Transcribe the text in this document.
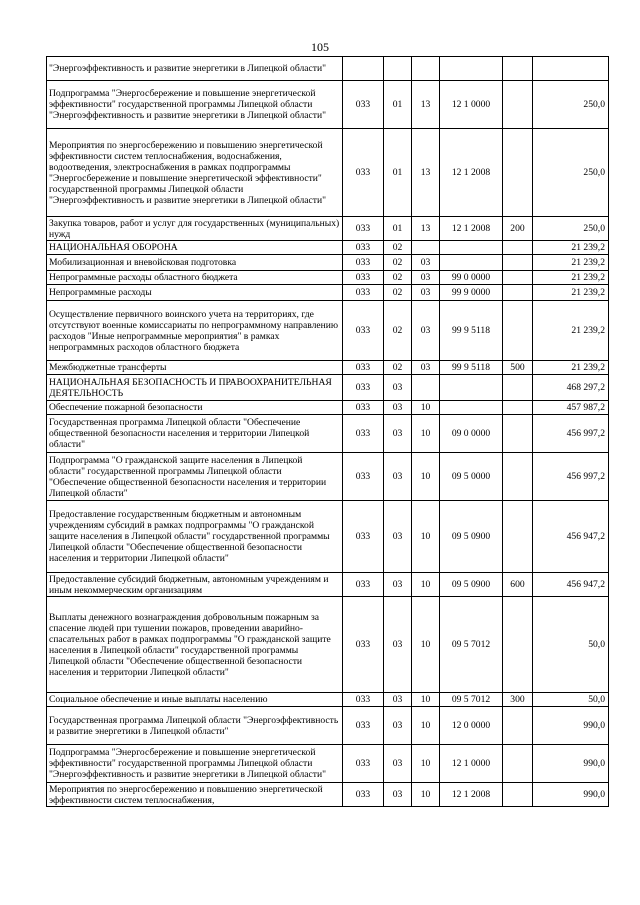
105
"Энергоэффективность и развитие энергетики в Липецкой области"						
Подпрограмма "Энергосбережение и повышение энергетической эффективности" государственной программы Липецкой области "Энергоэффективность и развитие энергетики в Липецкой области"	033	01	13	12 1 0000		250,0
Мероприятия по энергосбережению и повышению энергетической эффективности систем теплоснабжения, водоснабжения, водоотведения, электроснабжения в рамках подпрограммы "Энергосбережение и повышение энергетической эффективности" государственной программы Липецкой области "Энергоэффективность и развитие энергетики в Липецкой области"	033	01	13	12 1 2008		250,0
Закупка товаров, работ и услуг для государственных (муниципальных) нужд	033	01	13	12 1 2008	200	250,0
НАЦИОНАЛЬНАЯ ОБОРОНА	033	02				21 239,2
Мобилизационная и вневойсковая подготовка	033	02	03			21 239,2
Непрограммные расходы областного бюджета	033	02	03	99 0 0000		21 239,2
Непрограммные расходы	033	02	03	99 9 0000		21 239,2
Осуществление первичного воинского учета на территориях, где отсутствуют военные комиссариаты по непрограммному направлению расходов "Иные непрограммные мероприятия" в рамках непрограммных расходов областного бюджета	033	02	03	99 9 5118		21 239,2
Межбюджетные трансферты	033	02	03	99 9 5118	500	21 239,2
НАЦИОНАЛЬНАЯ БЕЗОПАСНОСТЬ И ПРАВООХРАНИТЕЛЬНАЯ ДЕЯТЕЛЬНОСТЬ	033	03				468 297,2
Обеспечение пожарной безопасности	033	03	10			457 987,2
Государственная программа Липецкой области "Обеспечение общественной безопасности населения и территории Липецкой области"	033	03	10	09 0 0000		456 997,2
Подпрограмма "О гражданской защите населения в Липецкой области" государственной программы Липецкой области "Обеспечение общественной безопасности населения и территории Липецкой области"	033	03	10	09 5 0000		456 997,2
Предоставление государственным бюджетным и автономным учреждениям субсидий в рамках подпрограммы "О гражданской защите населения в Липецкой области" государственной программы Липецкой области "Обеспечение общественной безопасности населения и территории Липецкой области"	033	03	10	09 5 0900		456 947,2
Предоставление субсидий бюджетным, автономным учреждениям и иным некоммерческим организациям	033	03	10	09 5 0900	600	456 947,2
Выплаты денежного вознаграждения добровольным пожарным за спасение людей при тушении пожаров, проведении аварийно-спасательных работ в рамках подпрограммы "О гражданской защите населения в Липецкой области" государственной программы Липецкой области "Обеспечение общественной безопасности населения и территории Липецкой области"	033	03	10	09 5 7012		50,0
Социальное обеспечение и иные выплаты населению	033	03	10	09 5 7012	300	50,0
Государственная программа Липецкой области "Энергоэффективность и развитие энергетики в Липецкой области"	033	03	10	12 0 0000		990,0
Подпрограмма "Энергосбережение и повышение энергетической эффективности" государственной программы Липецкой области "Энергоэффективность и развитие энергетики в Липецкой области"	033	03	10	12 1 0000		990,0
Мероприятия по энергосбережению и повышению энергетической эффективности систем теплоснабжения,	033	03	10	12 1 2008		990,0
